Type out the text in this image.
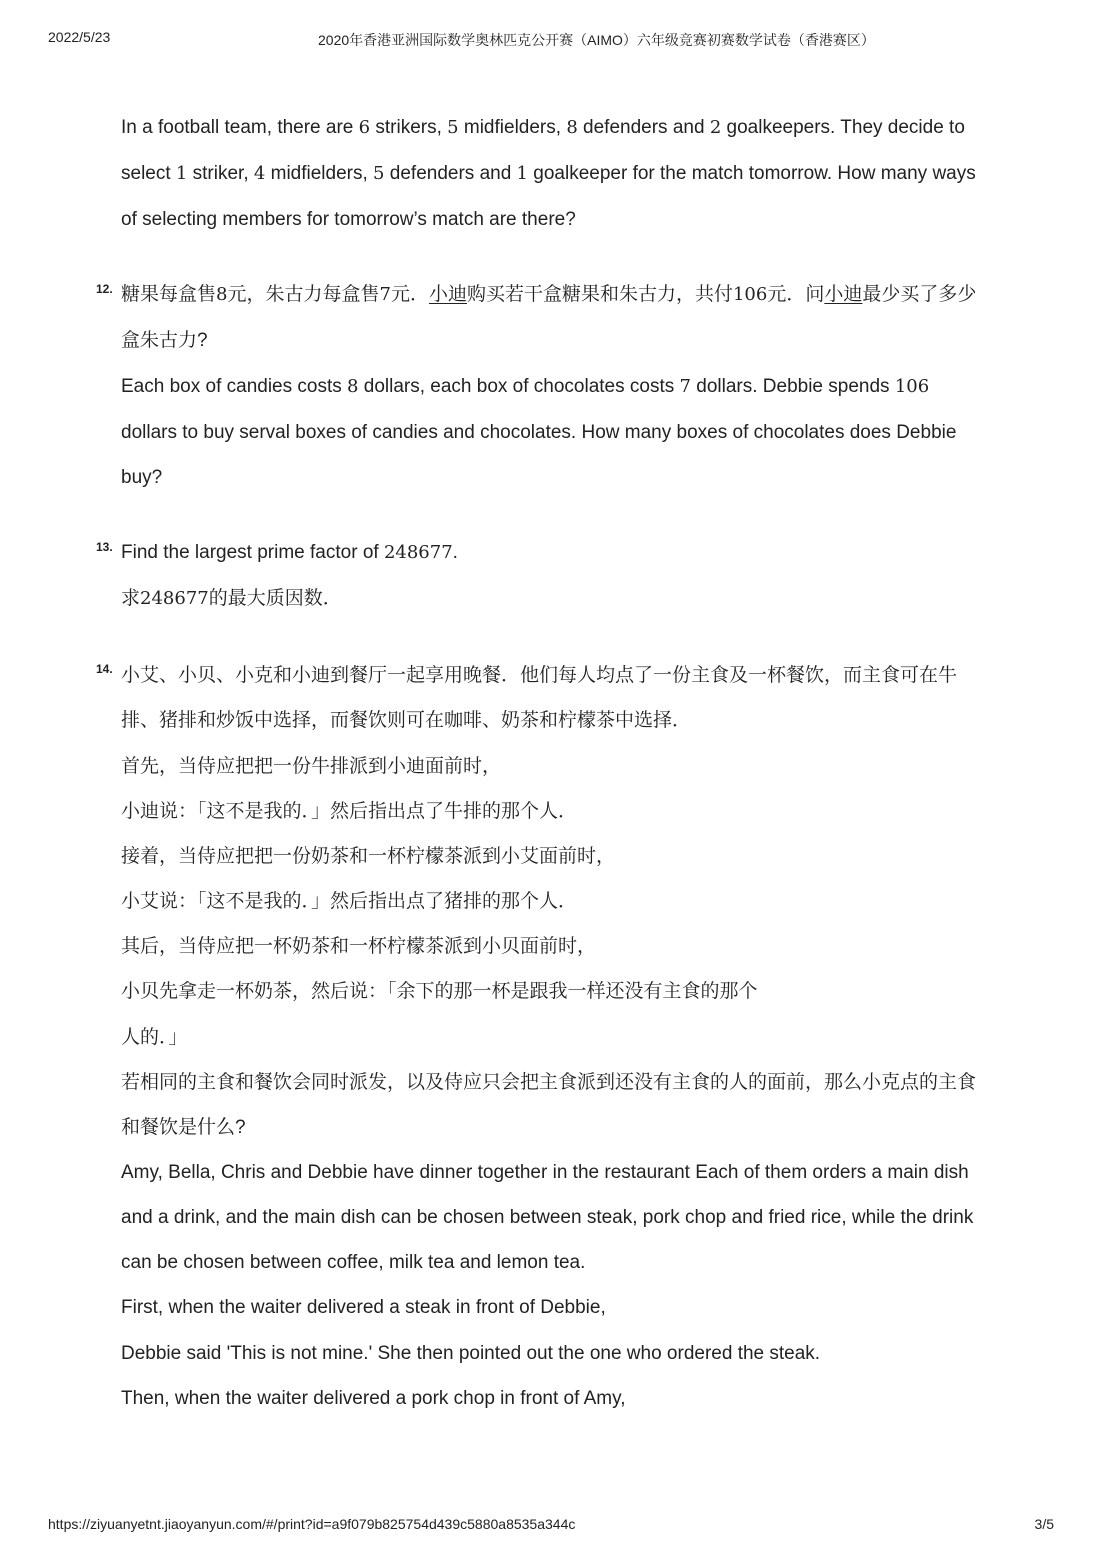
2022/5/23	2020年香港亚洲国际数学奥林匹克公开赛（AIMO）六年级竞赛初赛数学试卷（香港赛区）
In a football team, there are 6 strikers, 5 midfielders, 8 defenders and 2 goalkeepers. They decide to
select 1 striker, 4 midfielders, 5 defenders and 1 goalkeeper for the match tomorrow. How many ways
of selecting members for tomorrow’s match are there?
12. 糖果每盒售8元，朱古力每盒售7元．小迪购买若干盒糖果和朱古力，共付106元．问小迪最少买了多少
盒朱古力?
Each box of candies costs 8 dollars, each box of chocolates costs 7 dollars. Debbie spends 106
dollars to buy serval boxes of candies and chocolates. How many boxes of chocolates does Debbie
buy?
13. Find the largest prime factor of 248677.
求248677的最大质因数．
14. 小艾、小贝、小克和小迪到餐厅一起享用晚餐．他们每人均点了一份主食及一杯餐饮，而主食可在牛
排、猪排和炒饭中选择，而餐饮则可在咖啡、奶茶和柠檬茶中选择．
首先，当侍应把把一份牛排派到小迪面前时，
小迪说：「这不是我的．」然后指出点了牛排的那个人．
接着，当侍应把把一份奶茶和一杯柠檬茶派到小艾面前时，
小艾说：「这不是我的．」然后指出点了猪排的那个人．
其后，当侍应把一杯奶茶和一杯柠檬茶派到小贝面前时，
小贝先拿走一杯奶茶，然后说：「余下的那一杯是跟我一样还没有主食的那个
人的．」
若相同的主食和餐饮会同时派发，以及侍应只会把主食派到还没有主食的人的面前，那么小克点的主食
和餐饮是什么?
Amy, Bella, Chris and Debbie have dinner together in the restaurant Each of them orders a main dish
and a drink, and the main dish can be chosen between steak, pork chop and fried rice, while the drink
can be chosen between coffee, milk tea and lemon tea.
First, when the waiter delivered a steak in front of Debbie,
Debbie said 'This is not mine.' She then pointed out the one who ordered the steak.
Then, when the waiter delivered a pork chop in front of Amy,
https://ziyuanyetnt.jiaoyanyun.com/#/print?id=a9f079b825754d439c5880a8535a344c	3/5
